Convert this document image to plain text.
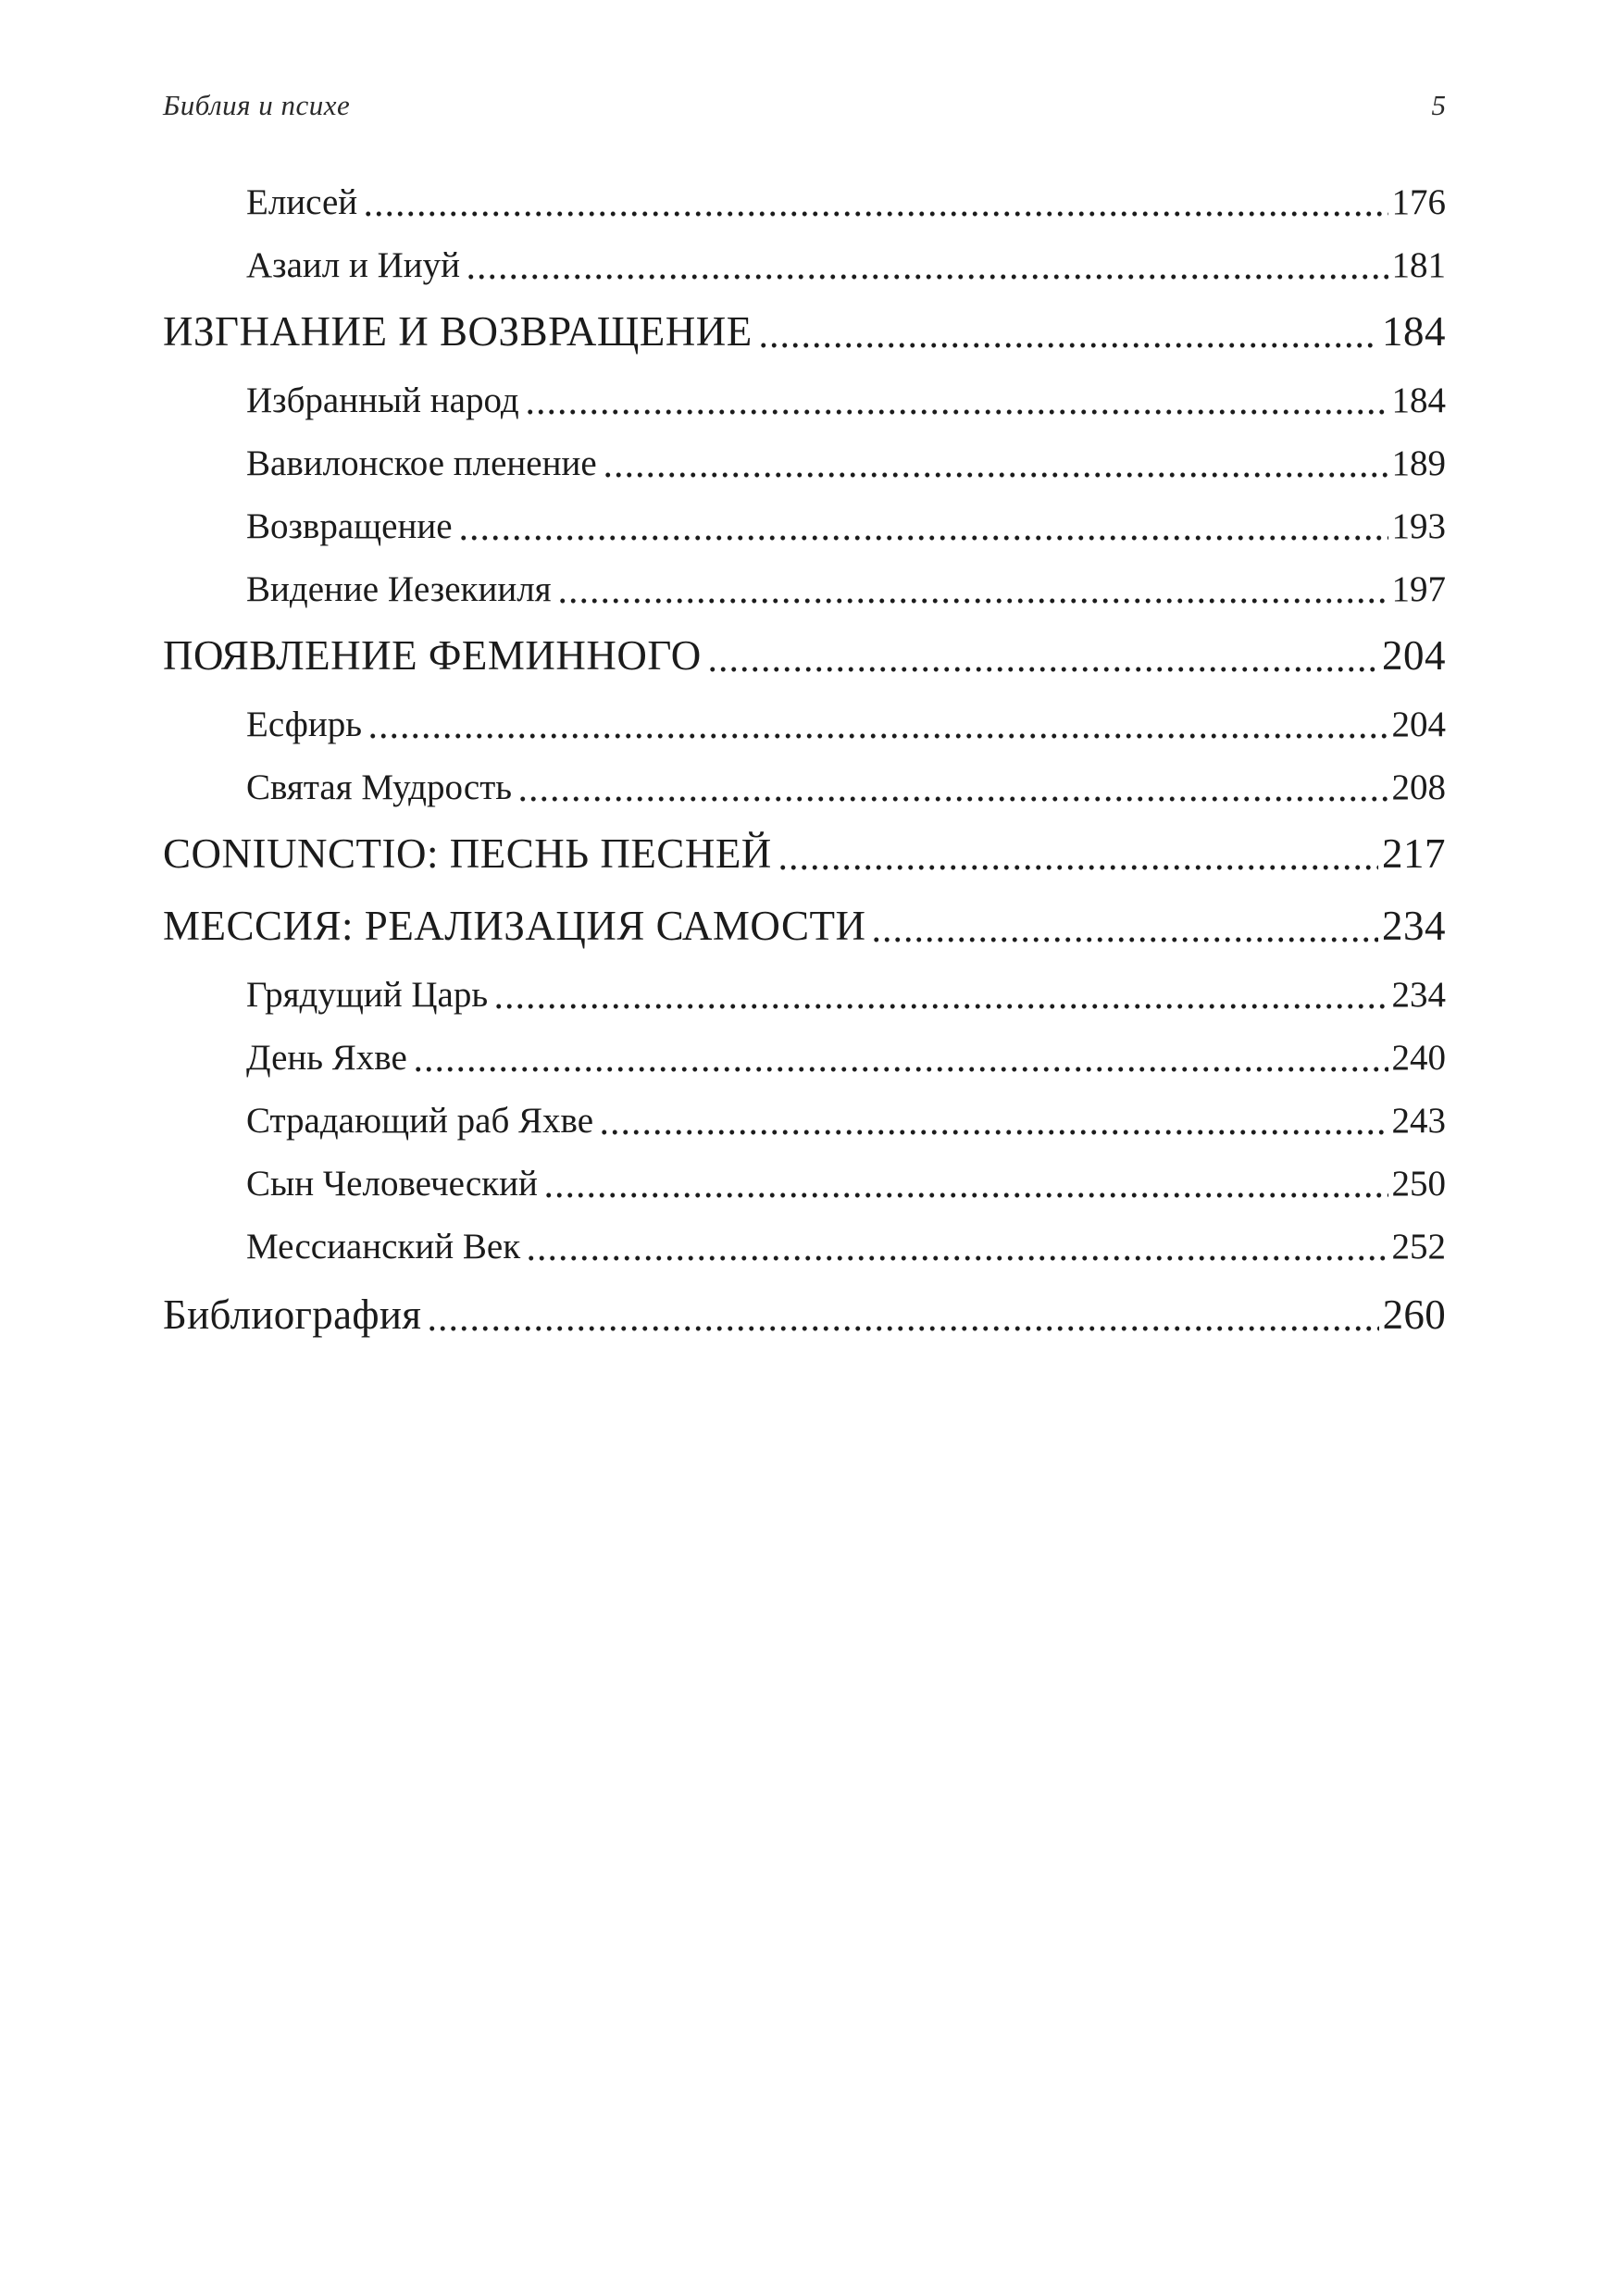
Библия и психе	5
Елисей	176
Азаил и Ииуй	181
ИЗГНАНИЕ И ВОЗВРАЩЕНИЕ	184
Избранный народ	184
Вавилонское пленение	189
Возвращение	193
Видение Иезекииля	197
ПОЯВЛЕНИЕ ФЕМИННОГО	204
Есфирь	204
Святая Мудрость	208
CONIUNCTIO: ПЕСНЬ ПЕСНЕЙ	217
МЕССИЯ: РЕАЛИЗАЦИЯ САМОСТИ	234
Грядущий Царь	234
День Яхве	240
Страдающий раб Яхве	243
Сын Человеческий	250
Мессианский Век	252
Библиография	260
